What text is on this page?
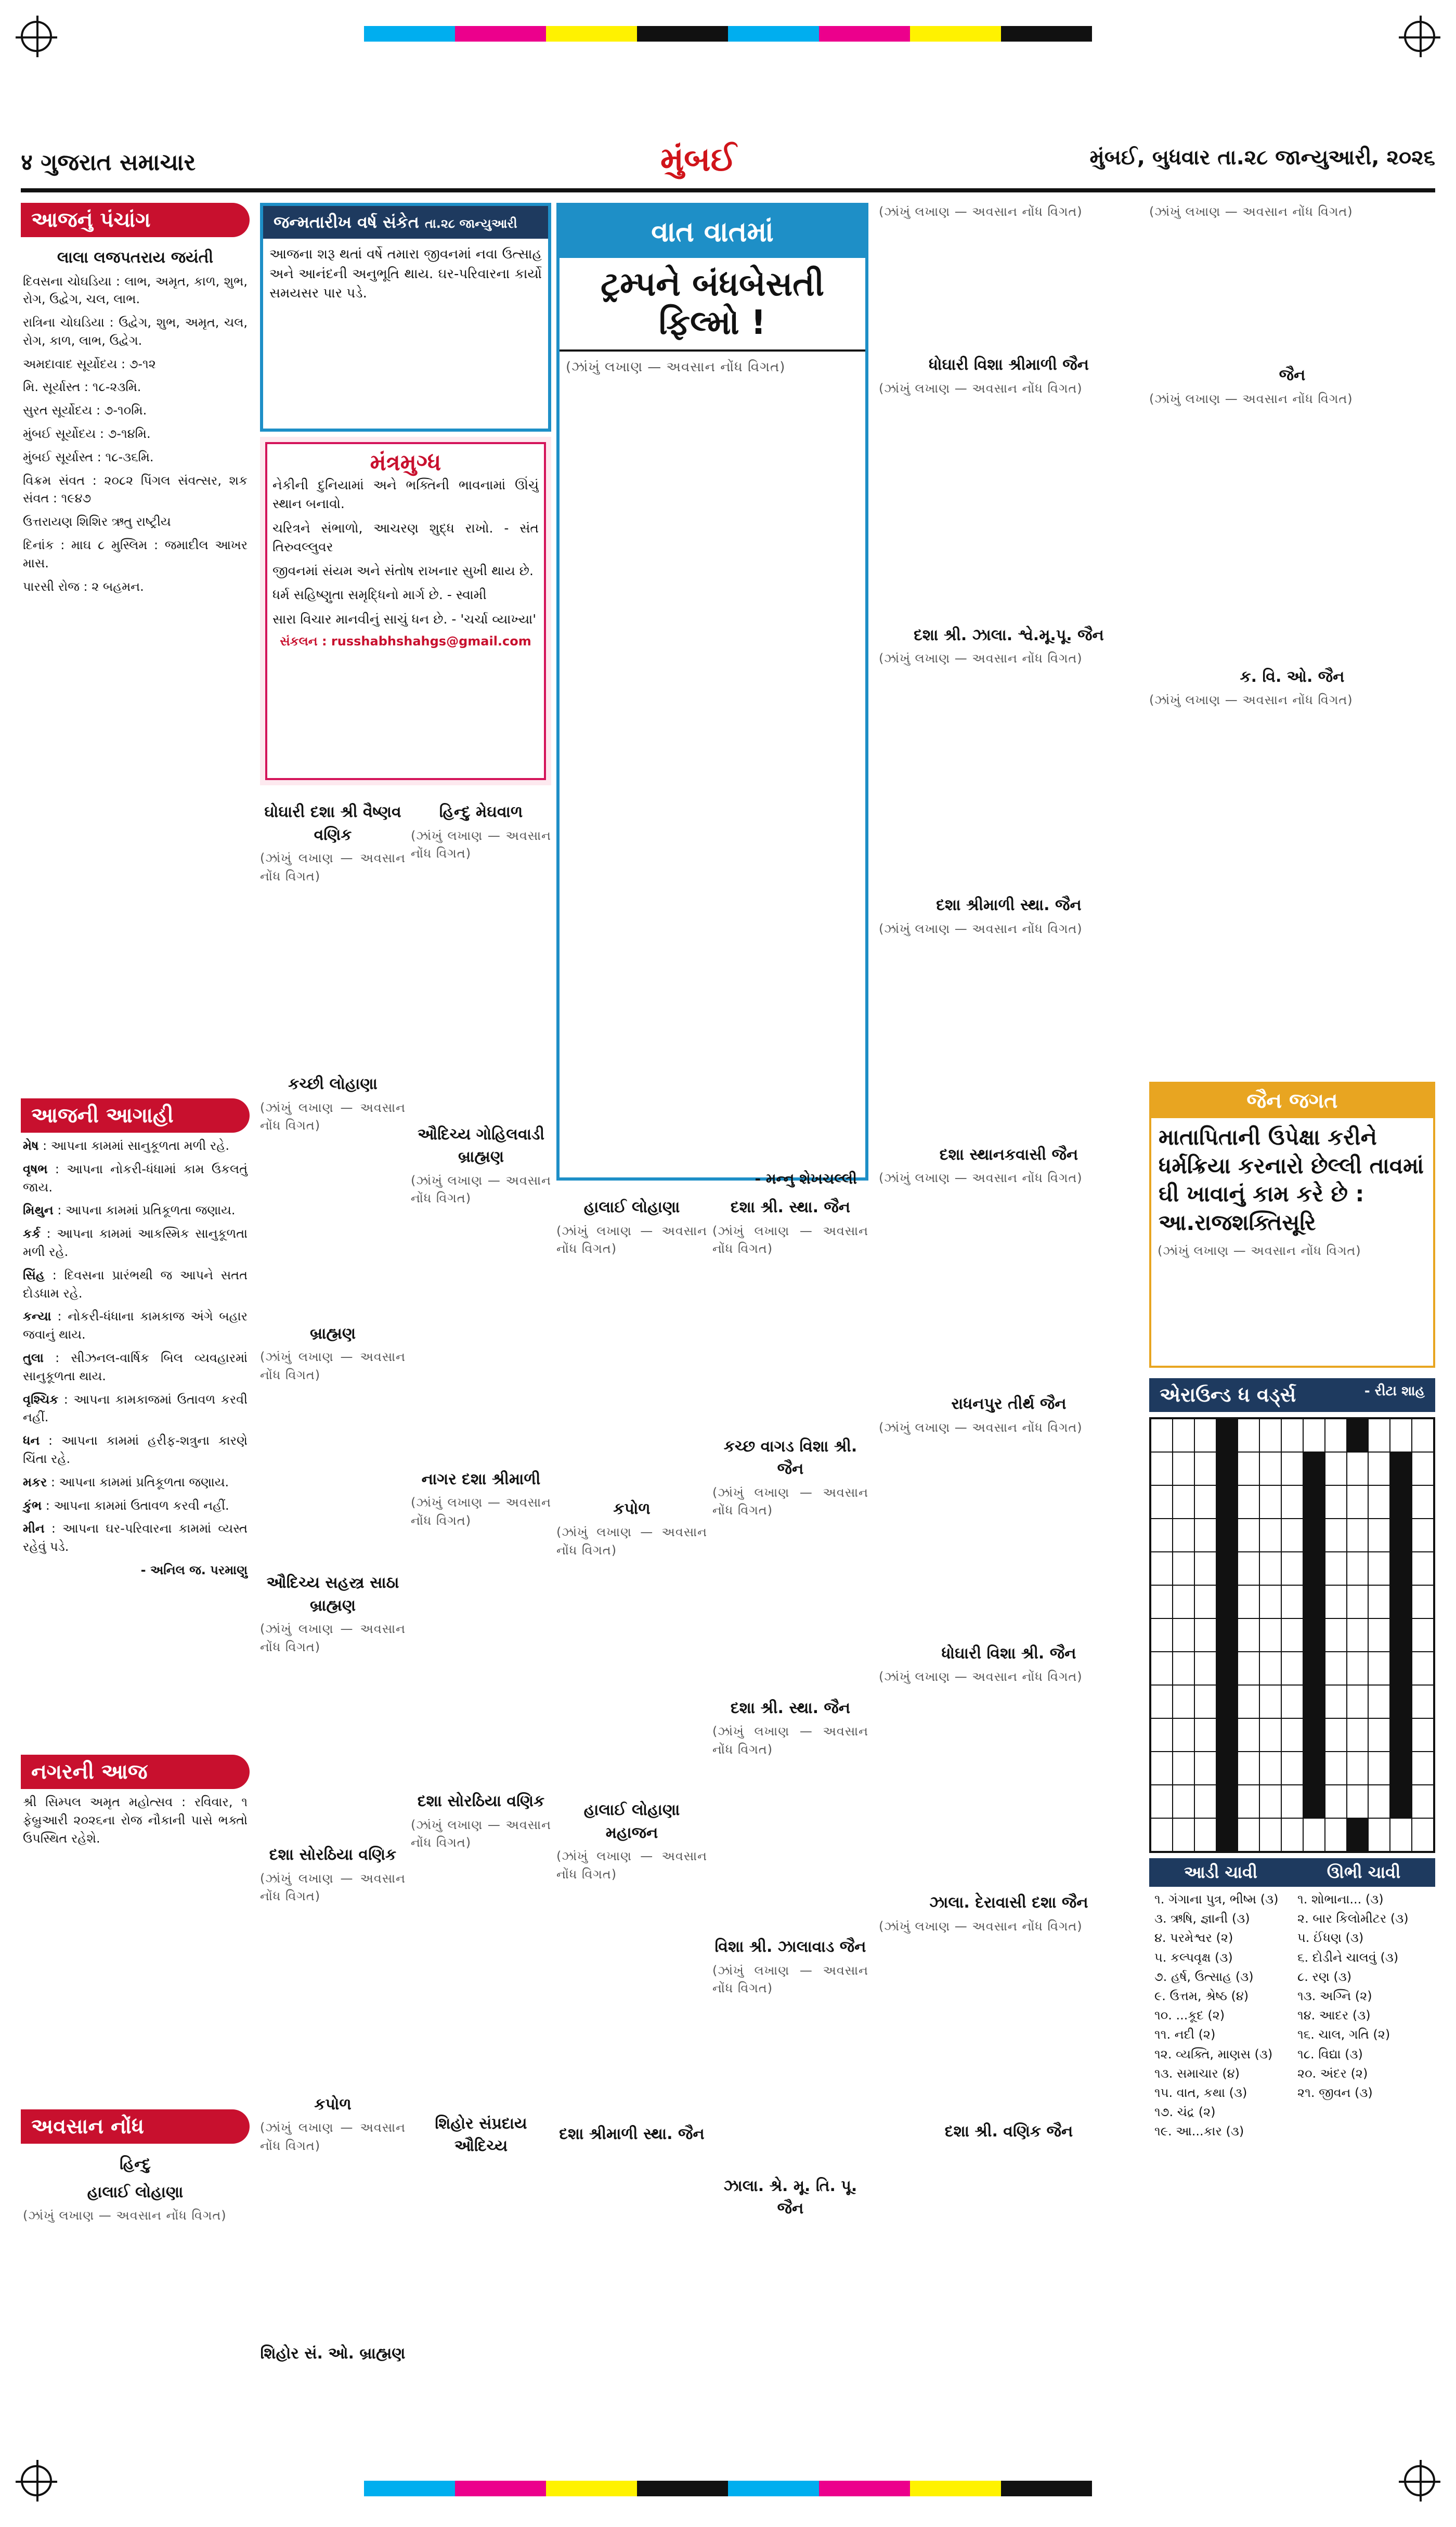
४ ગુજરાત સમાચાર	મુંબઈ	મુંબઈ, બુધવાર તા.૨૮ જાન્યુઆરી, ૨૦૨૬
આજનું પંચાંગ
લાલા લજપતરાય જયંતી

દિવસના ચોઘડિયા : લાભ, અમૃત, કાળ, શુભ, રોગ, ઉદ્વેગ, ચલ, લાભ.

રાત્રિના ચોઘડિયા : ઉદ્વેગ, શુભ, અમૃત, ચલ, રોગ, કાળ, લાભ, ઉદ્વેગ.

અમદાવાદ સૂર્યોદય : ૭-૧૨

મિ. સૂર્યાસ્ત : ૧૮-૨૩મિ.

સુરત સૂર્યોદય : ૭-૧૦મિ.

મુંબઈ સૂર્યોદય : ૭-૧૪મિ.

મુંબઈ સૂર્યાસ્ત : ૧૮-૩૬મિ.

વિક્રમ સંવત : ૨૦૮૨ પિંગલ સંવત્સર, શક સંવત : ૧૯૪૭

ઉત્તરાયણ શિશિર ઋતુ રાષ્ટ્રીય

દિનાંક : માઘ ૮ મુસ્લિમ : જમાદીલ આખર માસ.

પારસી રોજ : ૨ બહમન.

આજની આગાહી

મેષ : આપના કામમાં સાનુકૂળતા મળી રહે.

વૃષભ : આપના નોકરી-ધંધામાં કામ ઉકલતું જાય.

મિથુન : આપના કામમાં પ્રતિકૂળતા જણાય.

કર્ક : આપના કામમાં આકસ્મિક સાનુકૂળતા મળી રહે.

સિંહ : દિવસના પ્રારંભથી જ આપને સતત દોડધામ રહે.

કન્યા : નોકરી-ધંધાના કામકાજ અંગે બહાર જવાનું થાય.

તુલા : સીઝનલ-વાર્ષિક બિલ વ્યવહારમાં સાનુકૂળતા થાય.

વૃશ્ચિક : આપના કામકાજમાં ઉતાવળ કરવી નહીં.

ધન : આપના કામમાં હરીફ-શત્રુના કારણે ચિંતા રહે.

મકર : આપના કામમાં પ્રતિકૂળતા જણાય.

કુંભ : આપના કામમાં ઉતાવળ કરવી નહીં.

મીન : આપના ઘર-પરિવારના કામમાં વ્યસ્ત રહેવું પડે.

- અનિલ જ. પરમાણુ

નગરની આજ

શ્રી સિમ્પલ અમૃત મહોત્સવ : રવિવાર, ૧ ફેબ્રુઆરી ૨૦૨૬ના રોજ નૌકાની પાસે ભક્તો ઉપસ્થિત રહેશે.

અવસાન નોંધ
હિન્દુ
હાલાઈ લોહાણા

(ઝાંખું લખાણ — અવસાન નોંધ વિગત)

જન્મતારીખ વર્ષ સંકેત તા.૨૮ જાન્યુઆરી

આજના શરૂ થતાં વર્ષે તમારા જીવનમાં નવા ઉત્સાહ અને આનંદની અનુભૂતિ થાય. ઘર-પરિવારના કાર્યો સમયસર પાર પડે.

મંત્રમુગ્ધ

નેકીની દુનિયામાં અને ભક્તિની ભાવનામાં ઊંચું સ્થાન બનાવો.

ચરિત્રને સંભાળો, આચરણ શુદ્ધ રાખો. - સંત તિરુવલ્લુવર

જીવનમાં સંયમ અને સંતોષ રાખનાર સુખી થાય છે.

ધર્મ સહિષ્ણુતા સમૃદ્ધિનો માર્ગ છે. - સ્વામી

સારા વિચાર માનવીનું સાચું ધન છે. - 'ચર્ચા વ્યાખ્યા'

સંકલન : russhabhshahgs@gmail.com
વાત વાતમાં
ટ્રમ્પને બંધબેસતી ફિલ્મો !

(ઝાંખું લખાણ — અવસાન નોંધ વિગત)

- મન્નુ શેખચલ્લી
ઘોઘારી દશા શ્રી વૈષ્ણવ વણિક

(ઝાંખું લખાણ — અવસાન નોંધ વિગત)

કચ્છી લોહાણા

(ઝાંખું લખાણ — અવસાન નોંધ વિગત)

બ્રાહ્મણ

(ઝાંખું લખાણ — અવસાન નોંધ વિગત)

ઔદિચ્ય સહસ્ત્ર સાઠા બ્રાહ્મણ

(ઝાંખું લખાણ — અવસાન નોંધ વિગત)

દશા સોરઠિયા વણિક

(ઝાંખું લખાણ — અવસાન નોંધ વિગત)

કપોળ

(ઝાંખું લખાણ — અવસાન નોંધ વિગત)

શિહોર સં. ઓ. બ્રાહ્મણ
હિન્દુ મેઘવાળ

(ઝાંખું લખાણ — અવસાન નોંધ વિગત)

ઔદિચ્ય ગોહિલવાડી બ્રાહ્મણ

(ઝાંખું લખાણ — અવસાન નોંધ વિગત)

નાગર દશા શ્રીમાળી

(ઝાંખું લખાણ — અવસાન નોંધ વિગત)

દશા સોરઠિયા વણિક

(ઝાંખું લખાણ — અવસાન નોંધ વિગત)

શિહોર સંપ્રદાય ઔદિચ્ય
હાલાઈ લોહાણા

(ઝાંખું લખાણ — અવસાન નોંધ વિગત)

કપોળ

(ઝાંખું લખાણ — અવસાન નોંધ વિગત)

હાલાઈ લોહાણા મહાજન

(ઝાંખું લખાણ — અવસાન નોંધ વિગત)

દશા શ્રીમાળી સ્થા. જૈન
દશા શ્રી. સ્થા. જૈન

(ઝાંખું લખાણ — અવસાન નોંધ વિગત)

કચ્છ વાગડ વિશા શ્રી. જૈન

(ઝાંખું લખાણ — અવસાન નોંધ વિગત)

દશા શ્રી. સ્થા. જૈન

(ઝાંખું લખાણ — અવસાન નોંધ વિગત)

વિશા શ્રી. ઝાલાવાડ જૈન

(ઝાંખું લખાણ — અવસાન નોંધ વિગત)

ઝાલા. શ્રે. મૂ. તિ. પૂ. જૈન

(ઝાંખું લખાણ — અવસાન નોંધ વિગત)

ધોઘારી વિશા શ્રીમાળી જૈન

(ઝાંખું લખાણ — અવસાન નોંધ વિગત)

દશા શ્રી. ઝાલા. શ્વે.મૂ.પૂ. જૈન

(ઝાંખું લખાણ — અવસાન નોંધ વિગત)

દશા શ્રીમાળી સ્થા. જૈન

(ઝાંખું લખાણ — અવસાન નોંધ વિગત)

દશા સ્થાનકવાસી જૈન

(ઝાંખું લખાણ — અવસાન નોંધ વિગત)

રાધનપુર તીર્થ જૈન

(ઝાંખું લખાણ — અવસાન નોંધ વિગત)

ધોઘારી વિશા શ્રી. જૈન

(ઝાંખું લખાણ — અવસાન નોંધ વિગત)

ઝાલા. દેરાવાસી દશા જૈન

(ઝાંખું લખાણ — અવસાન નોંધ વિગત)

દશા શ્રી. વણિક જૈન

(ઝાંખું લખાણ — અવસાન નોંધ વિગત)

જૈન

(ઝાંખું લખાણ — અવસાન નોંધ વિગત)

ક. વિ. ઓ. જૈન

(ઝાંખું લખાણ — અવસાન નોંધ વિગત)

જૈન જગત
માતાપિતાની ઉપેક્ષા કરીને ધર્મક્રિયા કરનારો છેલ્લી તાવમાં ઘી ખાવાનું કામ કરે છે : આ.રાજશક્તિસૂરિ

(ઝાંખું લખાણ — અવસાન નોંધ વિગત)

એરાઉન્ડ ધ વર્ડ્સ	- રીટા શાહ
આડી ચાવી
૧. ગંગાના પુત્ર, ભીષ્મ (૩)
૩. ઋષિ, જ્ઞાની (૩)
૪. પરમેશ્વર (૨)
૫. કલ્પવૃક્ષ (૩)
૭. હર્ષ, ઉત્સાહ (૩)
૯. ઉત્તમ, શ્રેષ્ઠ (૪)
૧૦. ...કૂદ (૨)
૧૧. નદી (૨)
૧૨. વ્યક્તિ, માણસ (૩)
૧૩. સમાચાર (૪)
૧૫. વાત, કથા (૩)
૧૭. ચંદ્ર (૨)
૧૯. આ...કાર (૩)
ઊભી ચાવી
૧. શોભાના... (૩)
૨. બાર કિલોમીટર (૩)
૫. ઈંધણ (૩)
૬. દોડીને ચાલવું (૩)
૮. રણ (૩)
૧૩. અગ્નિ (૨)
૧૪. આદર (૩)
૧૬. ચાલ, ગતિ (૨)
૧૮. વિદ્યા (૩)
૨૦. અંદર (૨)
૨૧. જીવન (૩)
